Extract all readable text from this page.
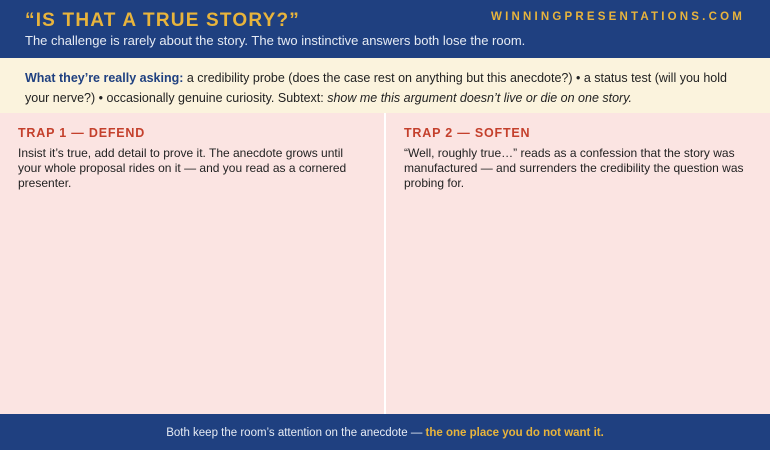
“IS THAT A TRUE STORY?”
The challenge is rarely about the story. The two instinctive answers both lose the room.
WINNINGPRESENTATIONS.COM
What they’re really asking: a credibility probe (does the case rest on anything but this anecdote?) • a status test (will you hold your nerve?) • occasionally genuine curiosity. Subtext: show me this argument doesn’t live or die on one story.
TRAP 1 — DEFEND
Insist it’s true, add detail to prove it. The anecdote grows until your whole proposal rides on it — and you read as a cornered presenter.
TRAP 2 — SOFTEN
“Well, roughly true…” reads as a confession that the story was manufactured — and surrenders the credibility the question was probing for.
Both keep the room’s attention on the anecdote — the one place you do not want it.
